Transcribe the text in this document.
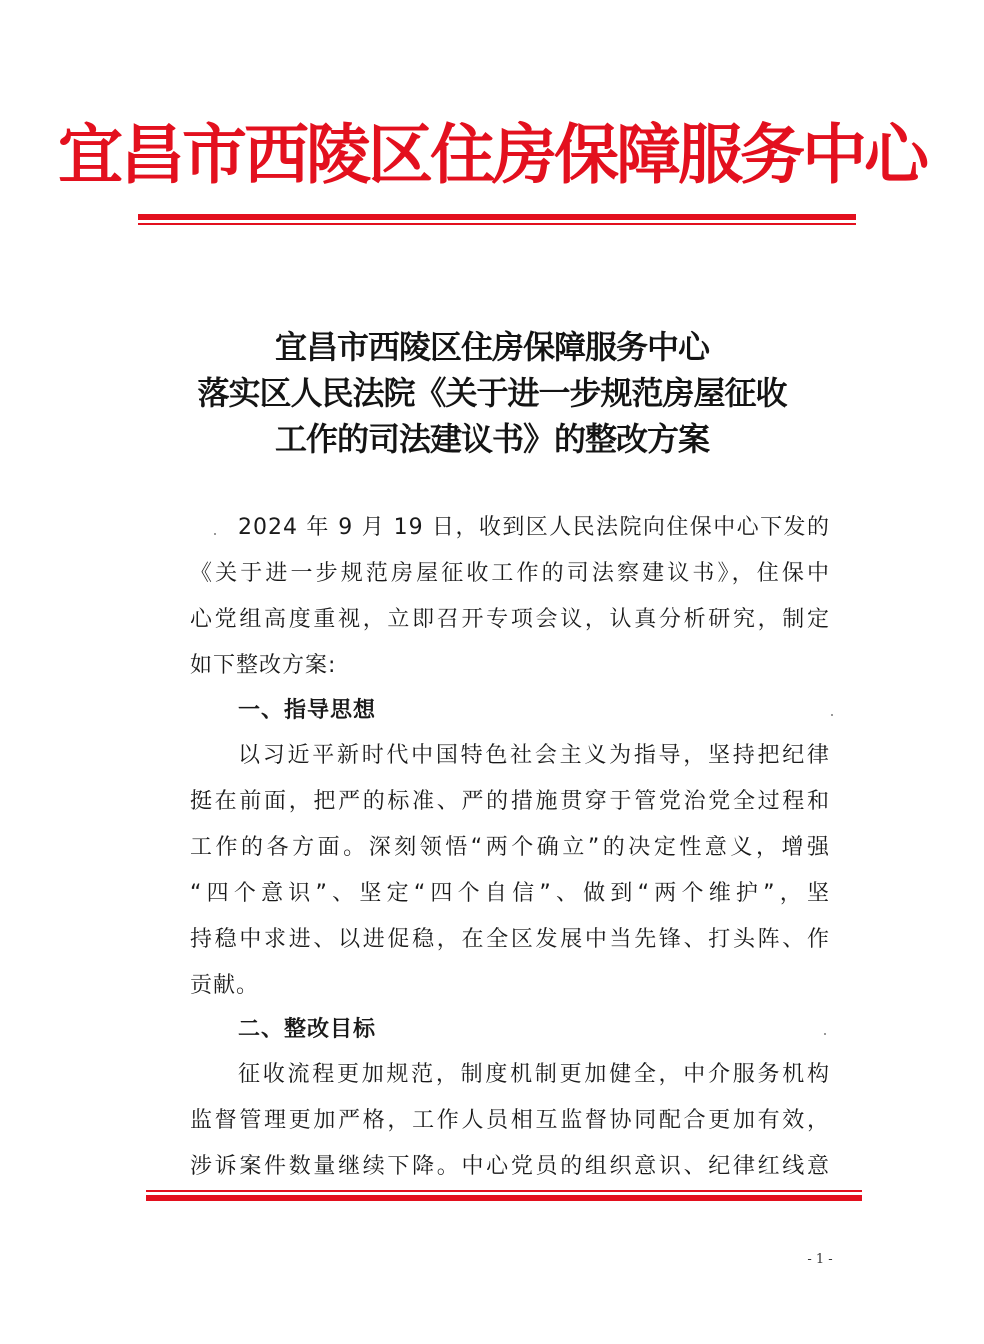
宜昌市西陵区住房保障服务中心
宜昌市西陵区住房保障服务中心
落实区人民法院《关于进一步规范房屋征收
工作的司法建议书》的整改方案
2024 年 9 月 19 日，收到区人民法院向住保中心下发的
《关于进一步规范房屋征收工作的司法察建议书》，住保中
心党组高度重视，立即召开专项会议，认真分析研究，制定
如下整改方案:
一、指导思想
以习近平新时代中国特色社会主义为指导，坚持把纪律
挺在前面，把严的标准、严的措施贯穿于管党治党全过程和
工作的各方面。深刻领悟“两个确立”的决定性意义，增强
“四个意识”、坚定“四个自信”、做到“两个维护”，坚
持稳中求进、以进促稳，在全区发展中当先锋、打头阵、作
贡献。
二、整改目标
征收流程更加规范，制度机制更加健全，中介服务机构
监督管理更加严格，工作人员相互监督协同配合更加有效，
涉诉案件数量继续下降。中心党员的组织意识、纪律红线意
- 1 -
